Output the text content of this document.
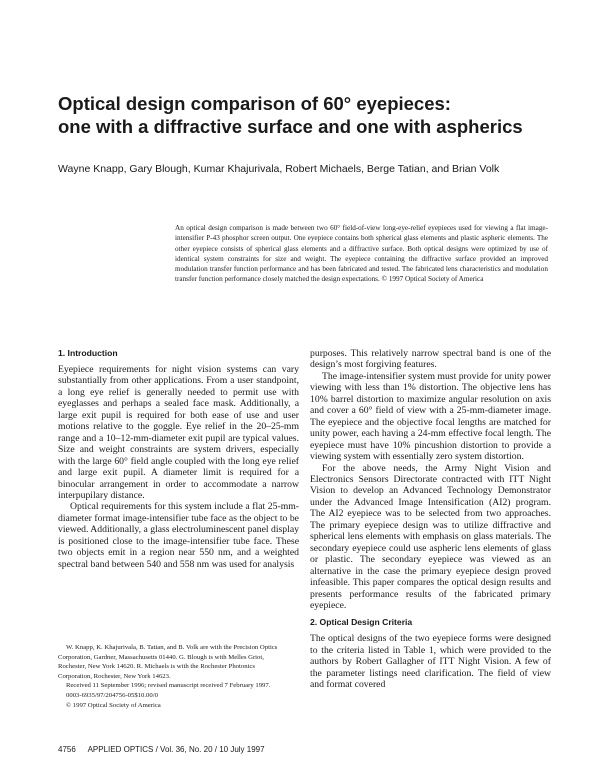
Optical design comparison of 60° eyepieces:
one with a diffractive surface and one with aspherics

Wayne Knapp, Gary Blough, Kumar Khajurivala, Robert Michaels, Berge Tatian, and Brian Volk

An optical design comparison is made between two 60° field-of-view long-eye-relief eyepieces used for viewing a flat image-intensifier P-43 phosphor screen output. One eyepiece contains both spherical glass elements and plastic aspheric elements. The other eyepiece consists of spherical glass elements and a diffractive surface. Both optical designs were optimized by use of identical system constraints for size and weight. The eyepiece containing the diffractive surface provided an improved modulation transfer function performance and has been fabricated and tested. The fabricated lens characteristics and modulation transfer function performance closely matched the design expectations. © 1997 Optical Society of America

1. Introduction

Eyepiece requirements for night vision systems can vary substantially from other applications. From a user standpoint, a long eye relief is generally needed to permit use with eyeglasses and perhaps a sealed face mask. Additionally, a large exit pupil is required for both ease of use and user motions relative to the goggle. Eye relief in the 20–25-mm range and a 10–12-mm-diameter exit pupil are typical values. Size and weight constraints are system drivers, especially with the large 60° field angle coupled with the long eye relief and large exit pupil. A diameter limit is required for a binocular arrangement in order to accommodate a narrow interpupilary distance.

Optical requirements for this system include a flat 25-mm-diameter format image-intensifier tube face as the object to be viewed. Additionally, a glass electroluminescent panel display is positioned close to the image-intensifier tube face. These two objects emit in a region near 550 nm, and a weighted spectral band between 540 and 558 nm was used for analysis

purposes. This relatively narrow spectral band is one of the design’s most forgiving features.

The image-intensifier system must provide for unity power viewing with less than 1% distortion. The objective lens has 10% barrel distortion to maximize angular resolution on axis and cover a 60° field of view with a 25-mm-diameter image. The eyepiece and the objective focal lengths are matched for unity power, each having a 24-mm effective focal length. The eyepiece must have 10% pincushion distortion to provide a viewing system with essentially zero system distortion.

For the above needs, the Army Night Vision and Electronics Sensors Directorate contracted with ITT Night Vision to develop an Advanced Technology Demonstrator under the Advanced Image Intensification (AI2) program. The AI2 eyepiece was to be selected from two approaches. The primary eyepiece design was to utilize diffractive and spherical lens elements with emphasis on glass materials. The secondary eyepiece could use aspheric lens elements of glass or plastic. The secondary eyepiece was viewed as an alternative in the case the primary eyepiece design proved infeasible. This paper compares the optical design results and presents performance results of the fabricated primary eyepiece.

2. Optical Design Criteria

The optical designs of the two eyepiece forms were designed to the criteria listed in Table 1, which were provided to the authors by Robert Gallagher of ITT Night Vision. A few of the parameter listings need clarification. The field of view and format covered

W. Knapp, K. Khajurivala, B. Tatian, and B. Volk are with the Precision Optics Corporation, Gardner, Massachusetts 01440. G. Blough is with Melles Griot, Rochester, New York 14620. R. Michaels is with the Rochester Photonics Corporation, Rochester, New York 14623.

Received 11 September 1996; revised manuscript received 7 February 1997.

0003-6935/97/204756-05$10.00/0

© 1997 Optical Society of America

4756 APPLIED OPTICS / Vol. 36, No. 20 / 10 July 1997
